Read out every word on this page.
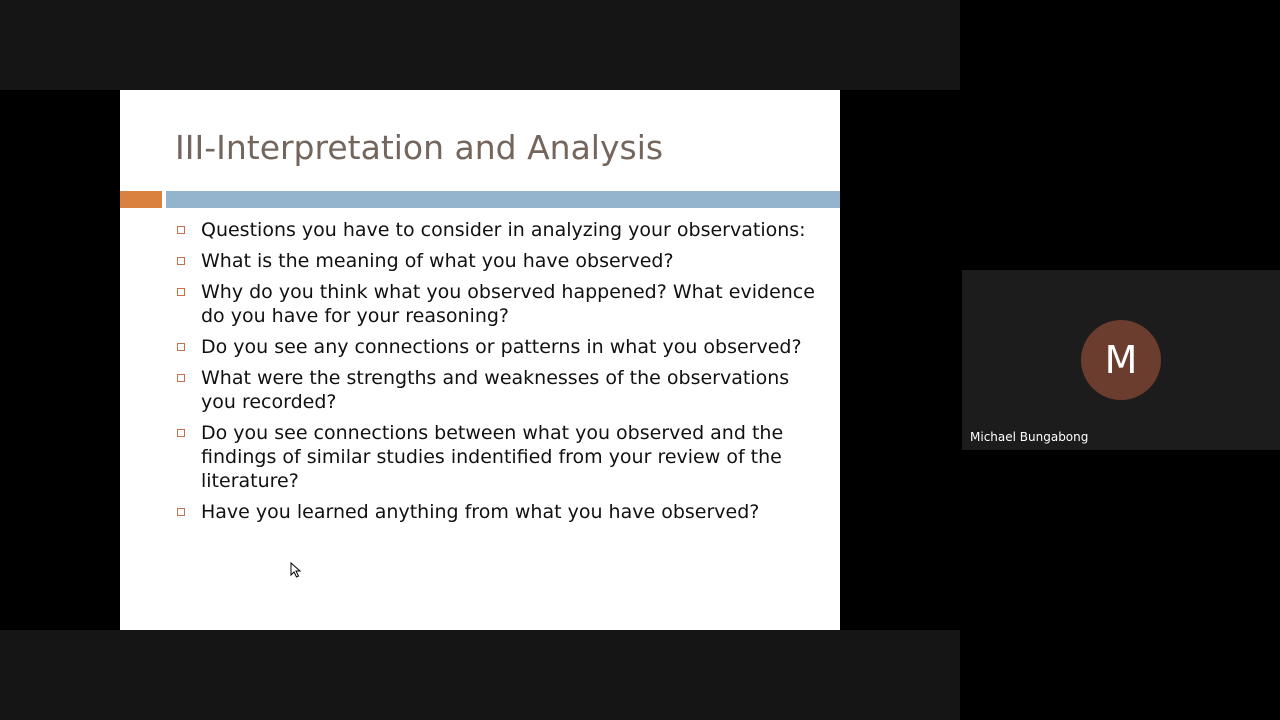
III-Interpretation and Analysis
Questions you have to consider in analyzing your observations:
What is the meaning of what you have observed?
Why do you think what you observed happened? What evidence do you have for your reasoning?
Do you see any connections or patterns in what you observed?
What were the strengths and weaknesses of the observations you recorded?
Do you see connections between what you observed and the findings of similar studies indentified from your review of the literature?
Have you learned anything from what you have observed?
M
Michael Bungabong
